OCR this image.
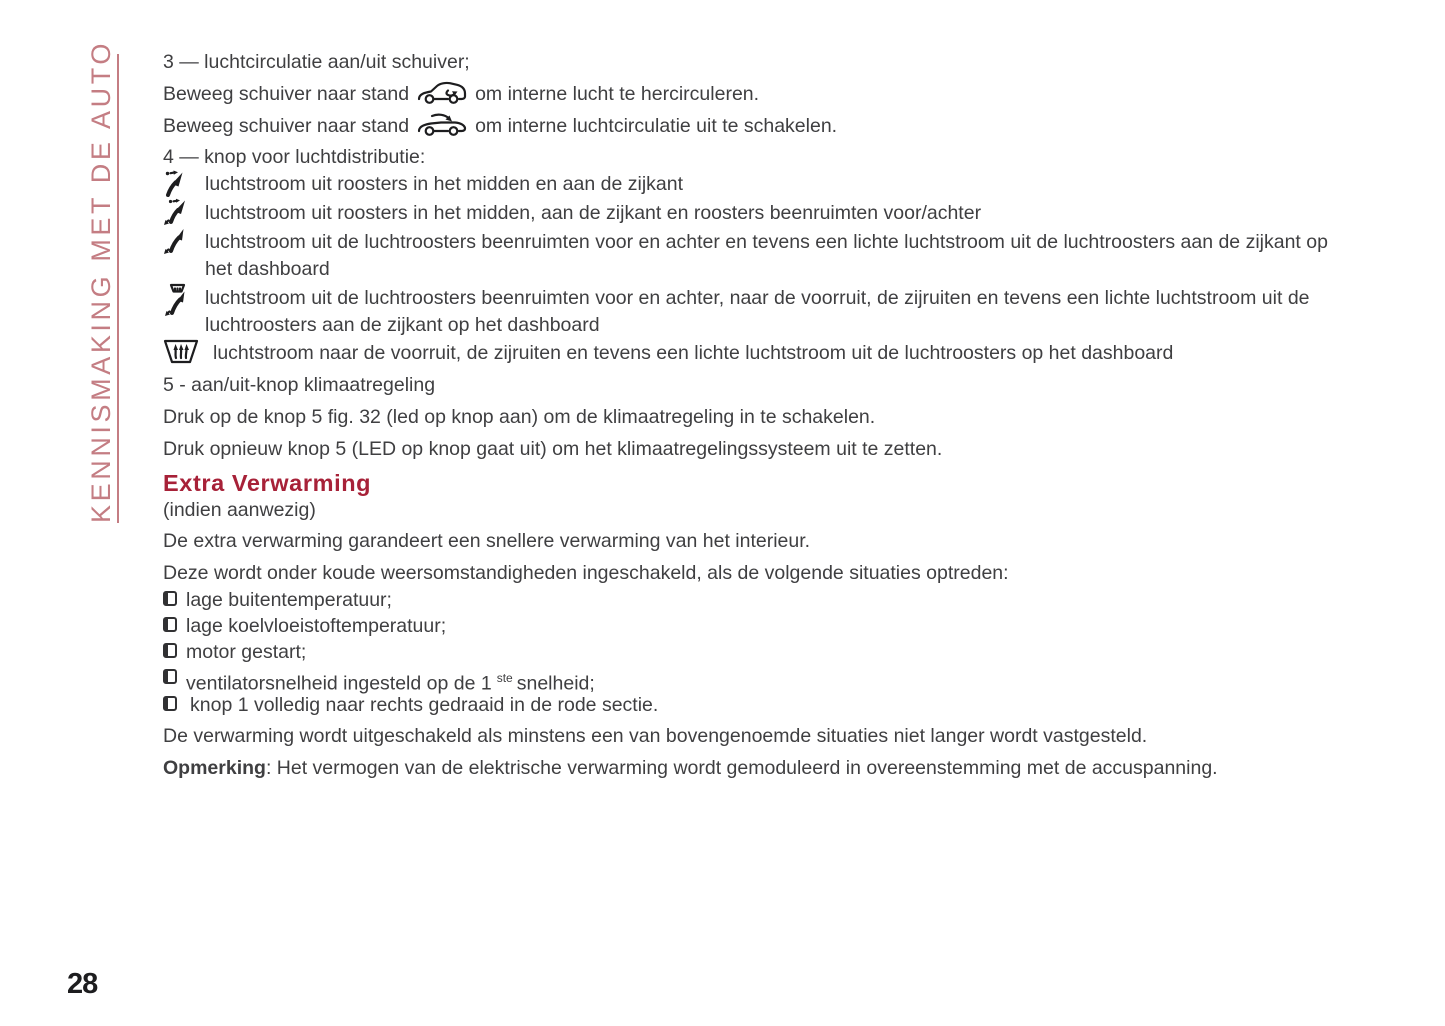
KENNISMAKING MET DE AUTO 3 — luchtcirculatie aan/uit schuiver;
Beweeg schuiver naar stand	om interne lucht te hercirculeren.
Beweeg schuiver naar stand	om interne luchtcirculatie uit te schakelen.
4 — knop voor luchtdistributie:
luchtstroom uit roosters in het midden en aan de zijkant
luchtstroom uit roosters in het midden, aan de zijkant en roosters beenruimten voor/achter
luchtstroom uit de luchtroosters beenruimten voor en achter en tevens een lichte luchtstroom uit de luchtroosters aan de zijkant op het dashboard
luchtstroom uit de luchtroosters beenruimten voor en achter, naar de voorruit, de zijruiten en tevens een lichte luchtstroom uit de luchtroosters aan de zijkant op het dashboard
luchtstroom naar de voorruit, de zijruiten en tevens een lichte luchtstroom uit de luchtroosters op het dashboard
5 - aan/uit-knop klimaatregeling
Druk op de knop 5 fig. 32 (led op knop aan) om de klimaatregeling in te schakelen.
Druk opnieuw knop 5 (LED op knop gaat uit) om het klimaatregelingssysteem uit te zetten.
Extra Verwarming
(indien aanwezig)
De extra verwarming garandeert een snellere verwarming van het interieur.
Deze wordt onder koude weersomstandigheden ingeschakeld, als de volgende situaties optreden:
lage buitentemperatuur;
lage koelvloeistoftemperatuur;
motor gestart;
ventilatorsnelheid ingesteld op de 1 $^{ste}$ snelheid;
knop 1 volledig naar rechts gedraaid in de rode sectie.
De verwarming wordt uitgeschakeld als minstens een van bovengenoemde situaties niet langer wordt vastgesteld.
Opmerking: Het vermogen van de elektrische verwarming wordt gemoduleerd in overeenstemming met de accuspanning.
28
